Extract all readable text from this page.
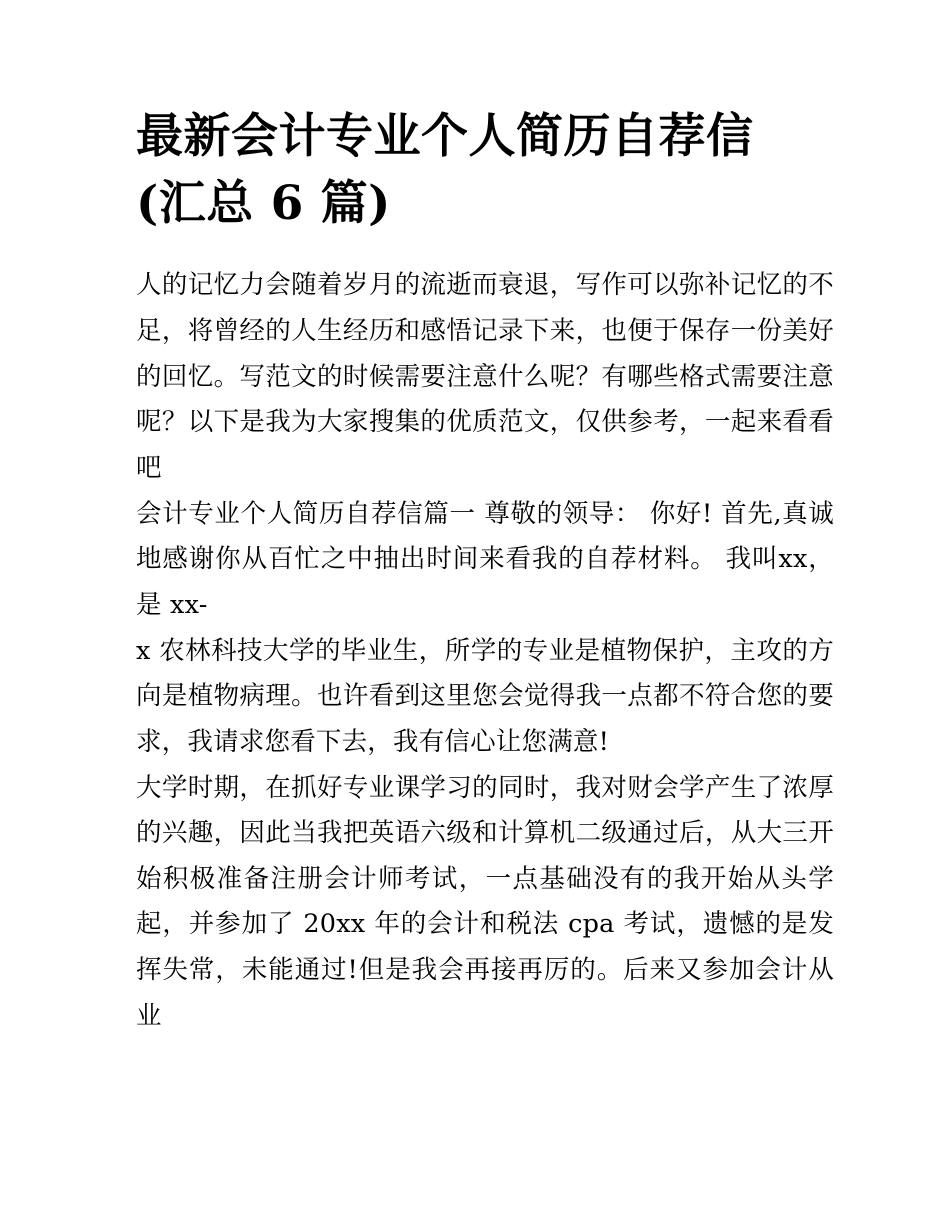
最新会计专业个人简历自荐信
(汇总 6 篇)

人的记忆力会随着岁月的流逝而衰退，写作可以弥补记忆的不足，将曾经的人生经历和感悟记录下来，也便于保存一份美好的回忆。写范文的时候需要注意什么呢？有哪些格式需要注意呢？以下是我为大家搜集的优质范文，仅供参考，一起来看看吧

会计专业个人简历自荐信篇一 尊敬的领导： 你好! 首先,真诚地感谢你从百忙之中抽出时间来看我的自荐材料。 我叫xx，是 xx-

x 农林科技大学的毕业生，所学的专业是植物保护，主攻的方向是植物病理。也许看到这里您会觉得我一点都不符合您的要求，我请求您看下去，我有信心让您满意!

大学时期，在抓好专业课学习的同时，我对财会学产生了浓厚的兴趣，因此当我把英语六级和计算机二级通过后，从大三开始积极准备注册会计师考试，一点基础没有的我开始从头学起，并参加了 20xx 年的会计和税法 cpa 考试，遗憾的是发挥失常，未能通过!但是我会再接再厉的。后来又参加会计从业
